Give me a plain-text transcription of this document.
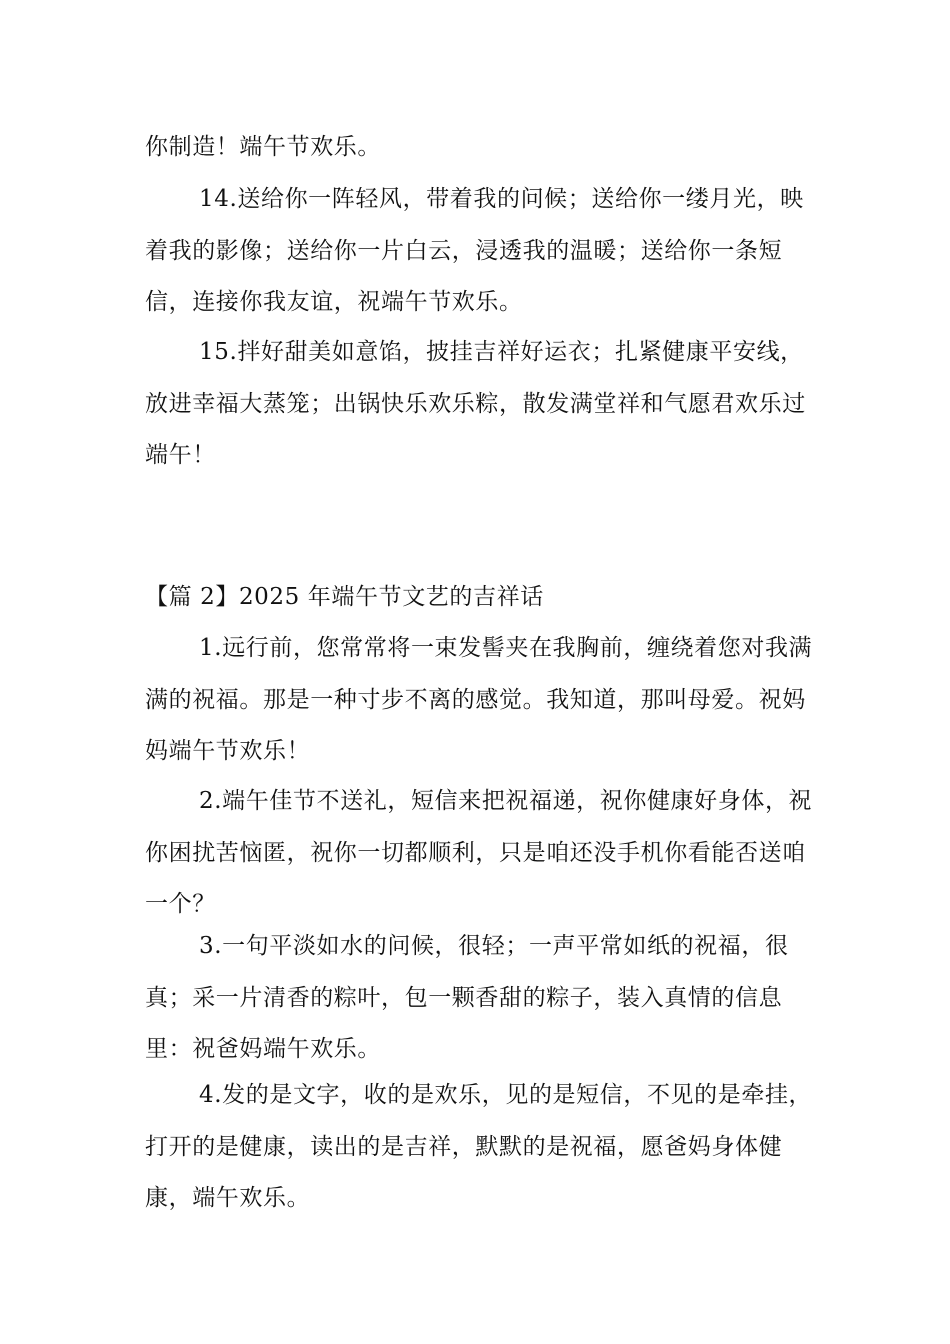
你制造！端午节欢乐。

14.送给你一阵轻风，带着我的问候；送给你一缕月光，映着我的影像；送给你一片白云，浸透我的温暖；送给你一条短信，连接你我友谊，祝端午节欢乐。

15.拌好甜美如意馅，披挂吉祥好运衣；扎紧健康平安线，放进幸福大蒸笼；出锅快乐欢乐粽，散发满堂祥和气愿君欢乐过端午！

【篇 2】2025 年端午节文艺的吉祥话

1.远行前，您常常将一束发髻夹在我胸前，缠绕着您对我满满的祝福。那是一种寸步不离的感觉。我知道，那叫母爱。祝妈妈端午节欢乐！

2.端午佳节不送礼，短信来把祝福递，祝你健康好身体，祝你困扰苦恼匿，祝你一切都顺利，只是咱还没手机你看能否送咱一个？

3.一句平淡如水的问候，很轻；一声平常如纸的祝福，很真；采一片清香的粽叶，包一颗香甜的粽子，装入真情的信息里：祝爸妈端午欢乐。

4.发的是文字，收的是欢乐，见的是短信，不见的是牵挂，打开的是健康，读出的是吉祥，默默的是祝福，愿爸妈身体健康，端午欢乐。
